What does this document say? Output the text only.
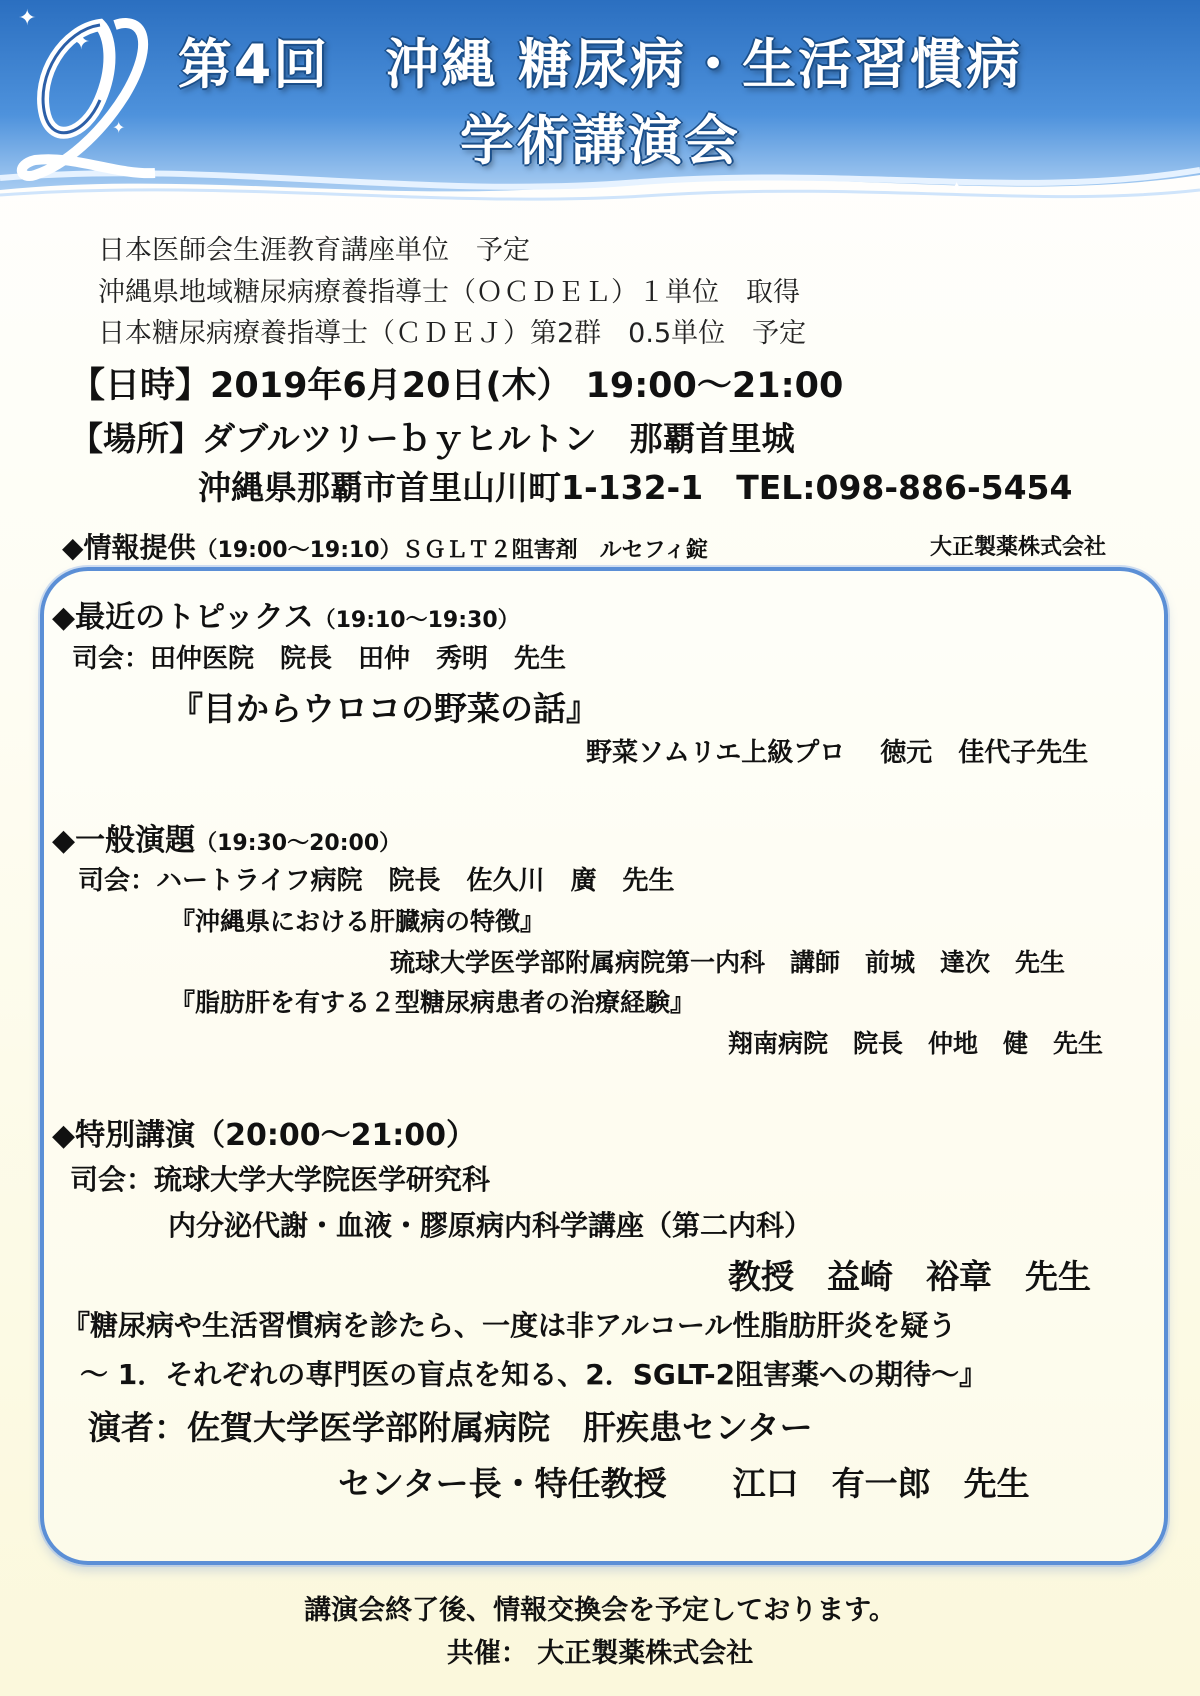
✦
✦
✦
✦
第4回　沖縄 糖尿病・生活習慣病
学術講演会
日本医師会生涯教育講座単位　予定
沖縄県地域糖尿病療養指導士（ＯＣＤＥＬ）１単位　取得
日本糖尿病療養指導士（ＣＤＥＪ）第2群　0.5単位　予定
【日時】2019年6月20日(木） 19:00～21:00
【場所】ダブルツリーｂｙヒルトン　那覇首里城
沖縄県那覇市首里山川町1-132-1　TEL:098-886-5454
◆情報提供（19:00～19:10）ＳＧＬＴ２阻害剤　ルセフィ錠	大正製薬株式会社
◆最近のトピックス（19:10～19:30）
司会：田仲医院　院長　田仲　秀明　先生
『目からウロコの野菜の話』
野菜ソムリエ上級プロ　 徳元　佳代子先生
◆一般演題（19:30～20:00）
司会：ハートライフ病院　院長　佐久川　廣　先生
『沖縄県における肝臓病の特徴』
琉球大学医学部附属病院第一内科　講師　前城　達次　先生
『脂肪肝を有する２型糖尿病患者の治療経験』
翔南病院　院長　仲地　健　先生
◆特別講演（20:00～21:00）
司会：琉球大学大学院医学研究科
内分泌代謝・血液・膠原病内科学講座（第二内科）
教授　益崎　裕章　先生
『糖尿病や生活習慣病を診たら、一度は非アルコール性脂肪肝炎を疑う
～ 1．それぞれの専門医の盲点を知る、2．SGLT-2阻害薬への期待～』
演者：佐賀大学医学部附属病院　肝疾患センター
センター長・特任教授　　江口　有一郎　先生
講演会終了後、情報交換会を予定しております。
共催： 大正製薬株式会社
